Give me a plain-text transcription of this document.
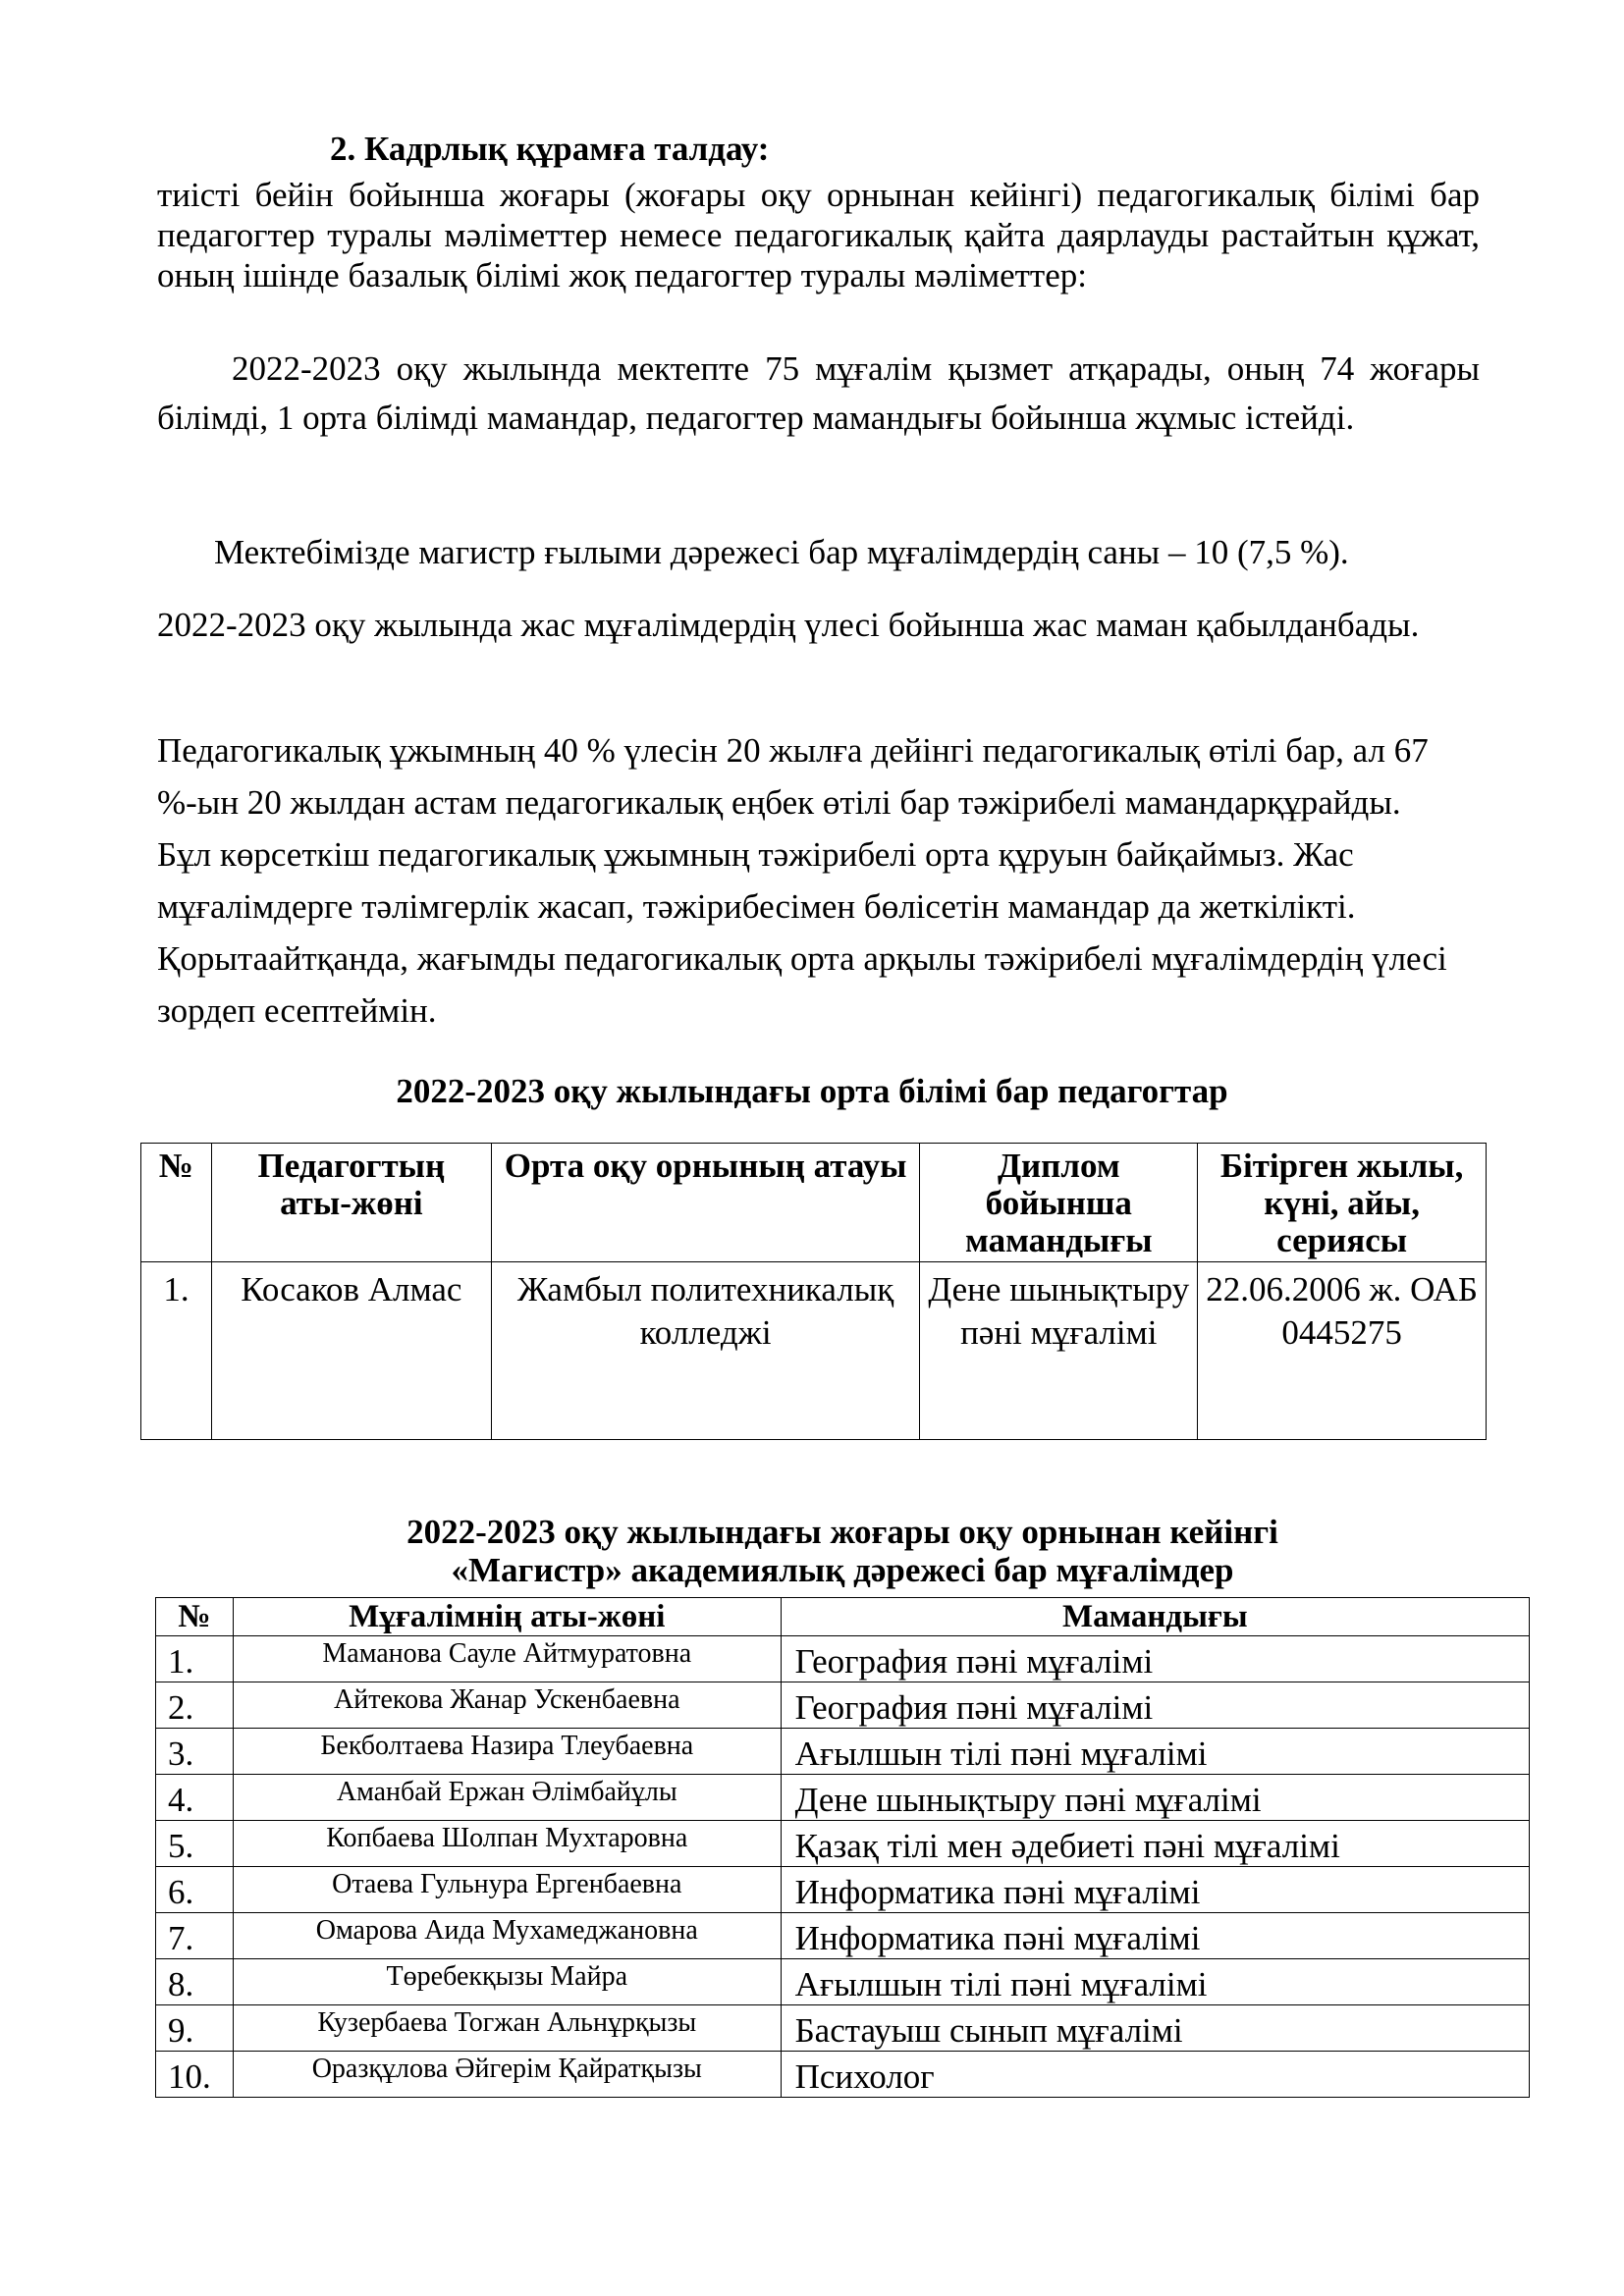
2. Кадрлық құрамға талдау:

тиісті бейін бойынша жоғары (жоғары оқу орнынан кейінгі) педагогикалық білімі бар педагогтер туралы мәліметтер немесе педагогикалық қайта даярлауды растайтын құжат, оның ішінде базалық білімі жоқ педагогтер туралы мәліметтер:

2022-2023 оқу жылында мектепте 75 мұғалім қызмет атқарады, оның 74 жоғары білімді, 1 орта білімді мамандар, педагогтер мамандығы бойынша жұмыс істейді.

Мектебімізде магистр ғылыми дәрежесі бар мұғалімдердің саны – 10 (7,5 %).

2022-2023 оқу жылында жас мұғалімдердің үлесі бойынша жас маман қабылданбады.

Педагогикалық ұжымның 40 % үлесін 20 жылға дейінгі педагогикалық өтілі бар, ал 67 %-ын 20 жылдан астам педагогикалық еңбек өтілі бар тәжірибелі мамандарқұрайды. Бұл көрсеткіш педагогикалық ұжымның тәжірибелі орта құруын байқаймыз. Жас мұғалімдерге тәлімгерлік жасап, тәжірибесімен бөлісетін мамандар да жеткілікті. Қорытаайтқанда, жағымды педагогикалық орта арқылы тәжірибелі мұғалімдердің үлесі зордеп есептеймін.

2022-2023 оқу жылындағы орта білімі бар педагогтар
№	Педагогтың аты-жөні	Орта оқу орнының атауы	Диплом бойынша мамандығы	Бітірген жылы, күні, айы, сериясы
1.	Косаков Алмас	Жамбыл политехникалық колледжі	Дене шынықтыру пәні мұғалімі	22.06.2006 ж. ОАБ 0445275
2022-2023 оқу жылындағы жоғары оқу орнынан кейінгі
«Магистр» академиялық дәрежесі бар мұғалімдер
№	Мұғалімнің аты-жөні	Мамандығы
1.	Маманова Сауле Айтмуратовна	География пәні мұғалімі
2.	Айтекова Жанар Ускенбаевна	География пәні мұғалімі
3.	Бекболтаева Назира Тлеубаевна	Ағылшын тілі пәні мұғалімі
4.	Аманбай Ержан Әлімбайұлы	Дене шынықтыру пәні мұғалімі
5.	Копбаева Шолпан Мухтаровна	Қазақ тілі мен әдебиеті пәні мұғалімі
6.	Отаева Гульнура Ергенбаевна	Информатика пәні мұғалімі
7.	Омарова Аида Мухамеджановна	Информатика пәні мұғалімі
8.	Төребекқызы Майра	Ағылшын тілі пәні мұғалімі
9.	Кузербаева Тогжан Альнұрқызы	Бастауыш сынып мұғалімі
10.	Оразқұлова Әйгерім Қайратқызы	Психолог
